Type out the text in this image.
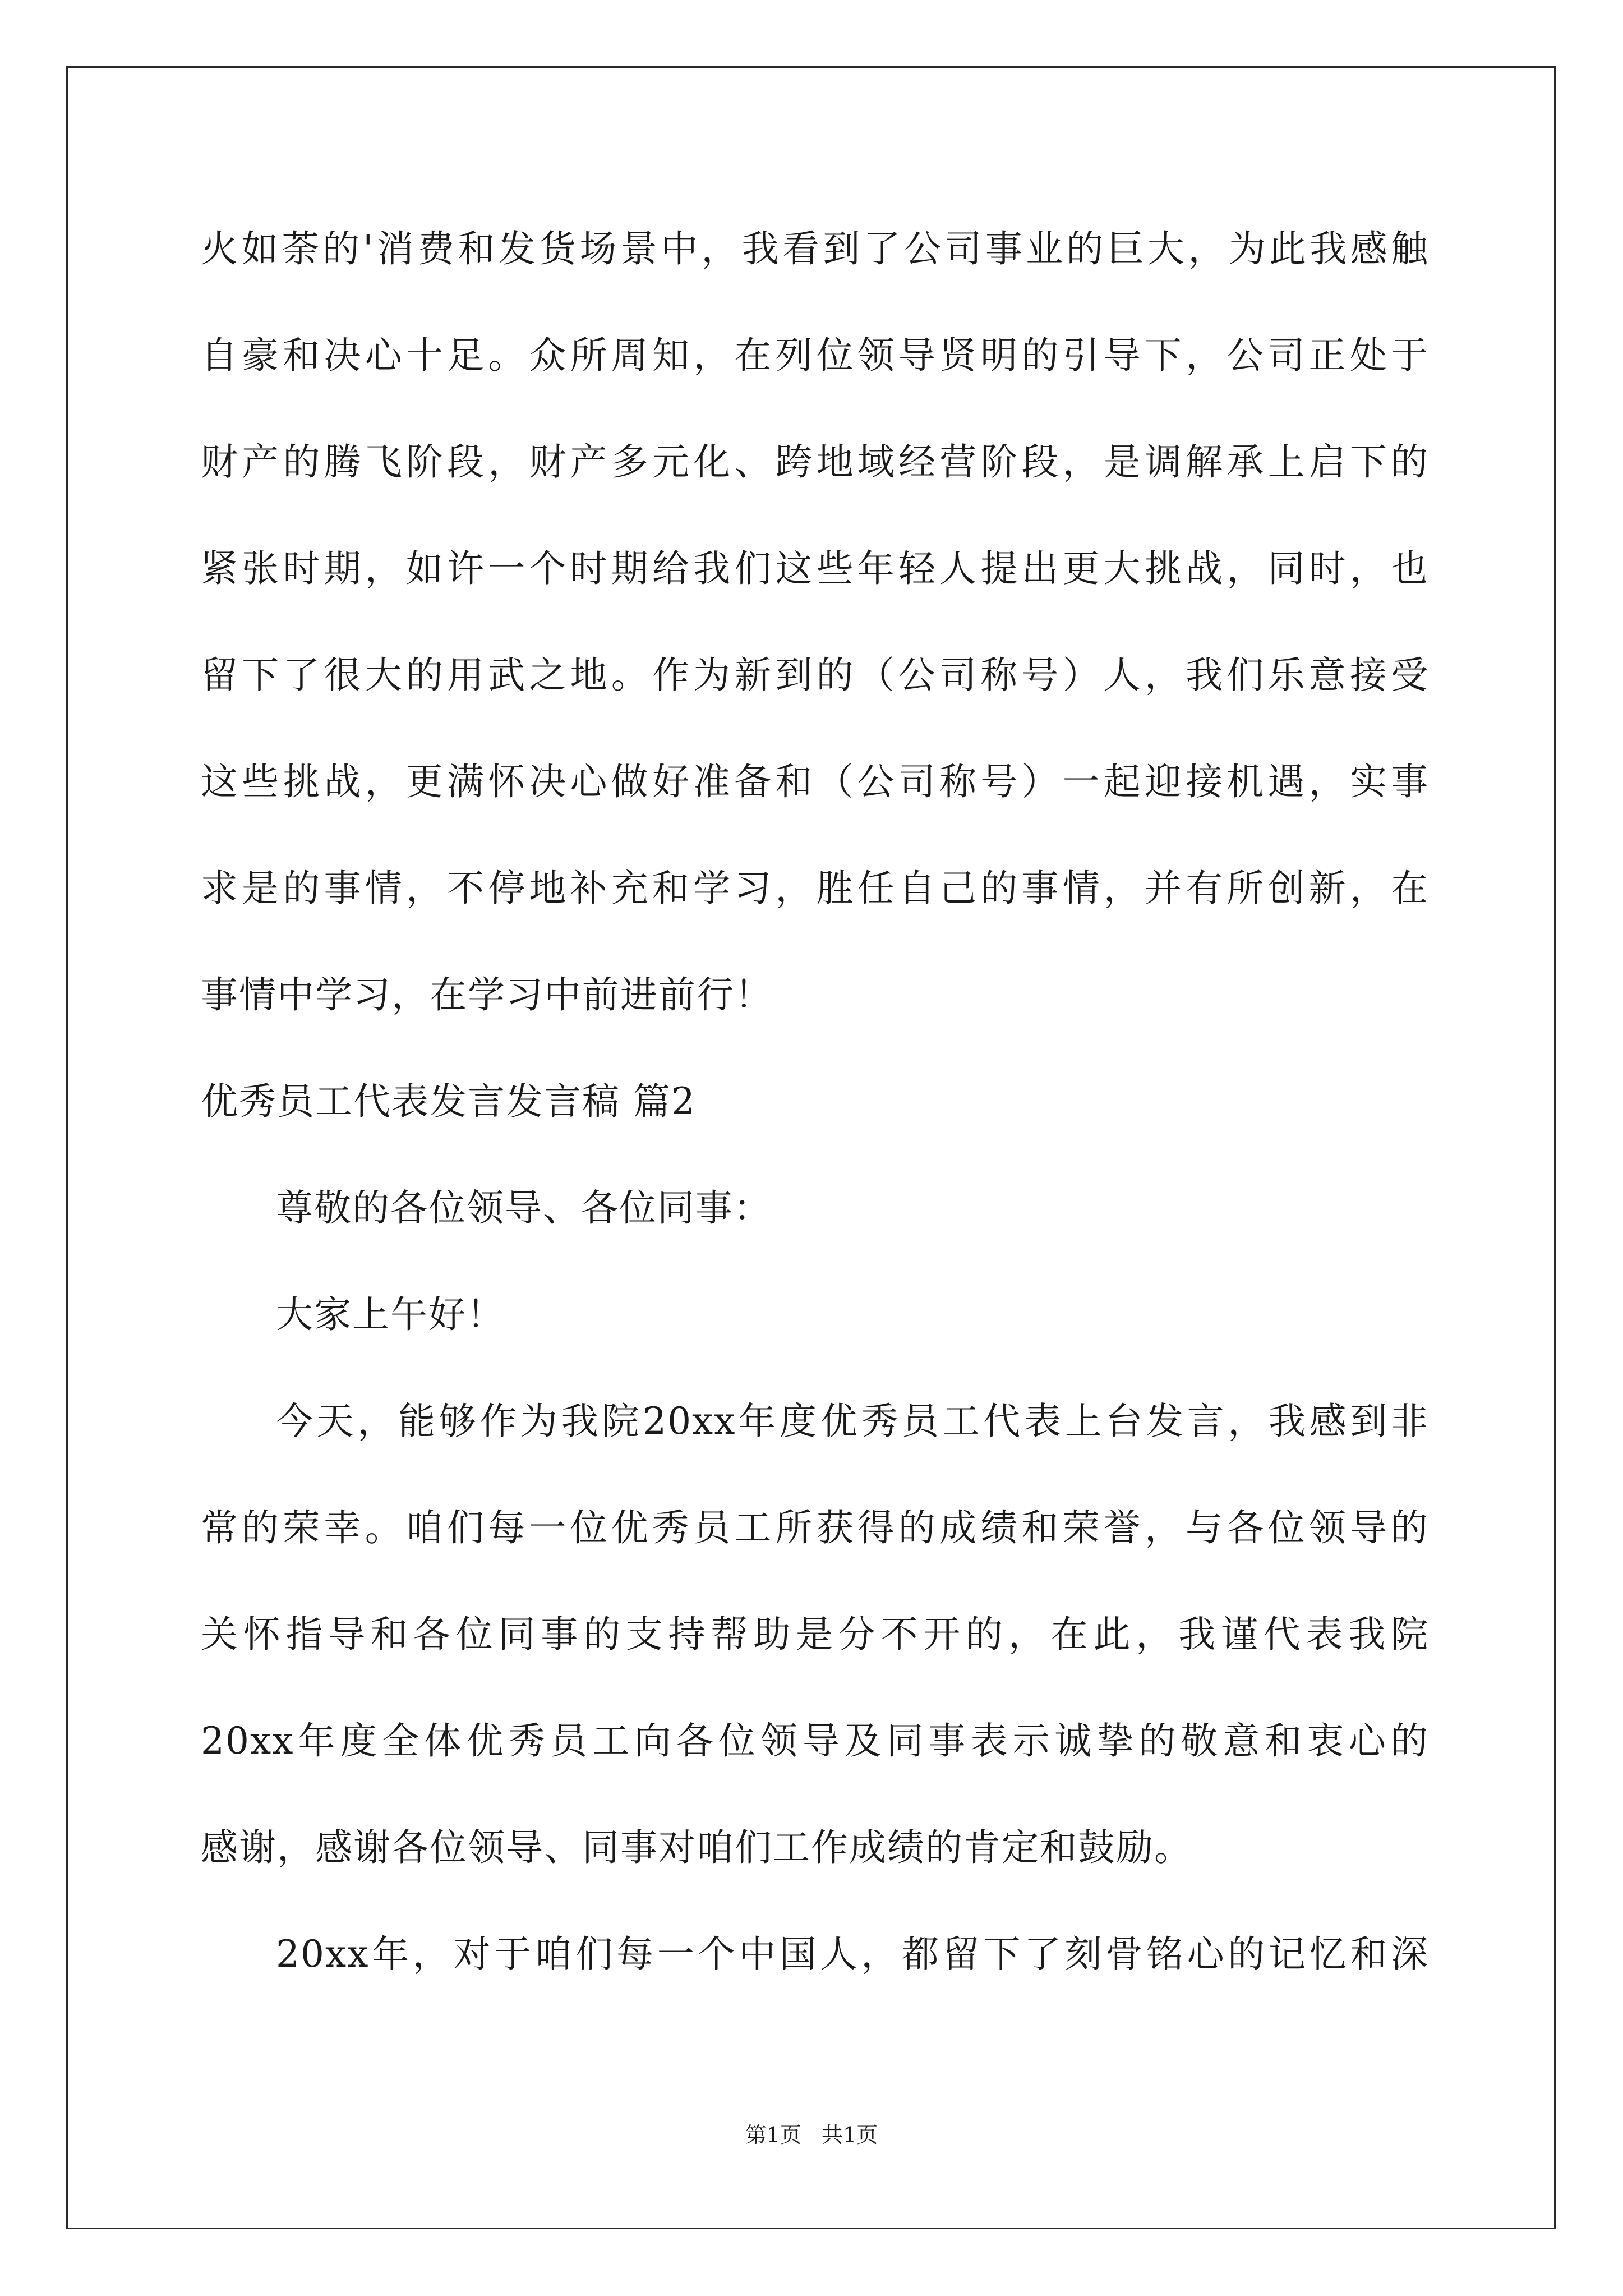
火如荼的'消费和发货场景中，我看到了公司事业的巨大，为此我感触
自豪和决心十足。众所周知，在列位领导贤明的引导下，公司正处于
财产的腾飞阶段，财产多元化、跨地域经营阶段，是调解承上启下的
紧张时期，如许一个时期给我们这些年轻人提出更大挑战，同时，也
留下了很大的用武之地。作为新到的（公司称号）人，我们乐意接受
这些挑战，更满怀决心做好准备和（公司称号）一起迎接机遇，实事
求是的事情，不停地补充和学习，胜任自己的事情，并有所创新，在
事情中学习，在学习中前进前行！
优秀员工代表发言发言稿 篇2
尊敬的各位领导、各位同事：
大家上午好！
今天，能够作为我院20xx年度优秀员工代表上台发言，我感到非
常的荣幸。咱们每一位优秀员工所获得的成绩和荣誉，与各位领导的
关怀指导和各位同事的支持帮助是分不开的，在此，我谨代表我院
20xx年度全体优秀员工向各位领导及同事表示诚挚的敬意和衷心的
感谢，感谢各位领导、同事对咱们工作成绩的肯定和鼓励。
20xx年，对于咱们每一个中国人，都留下了刻骨铭心的记忆和深
第1页 共1页
